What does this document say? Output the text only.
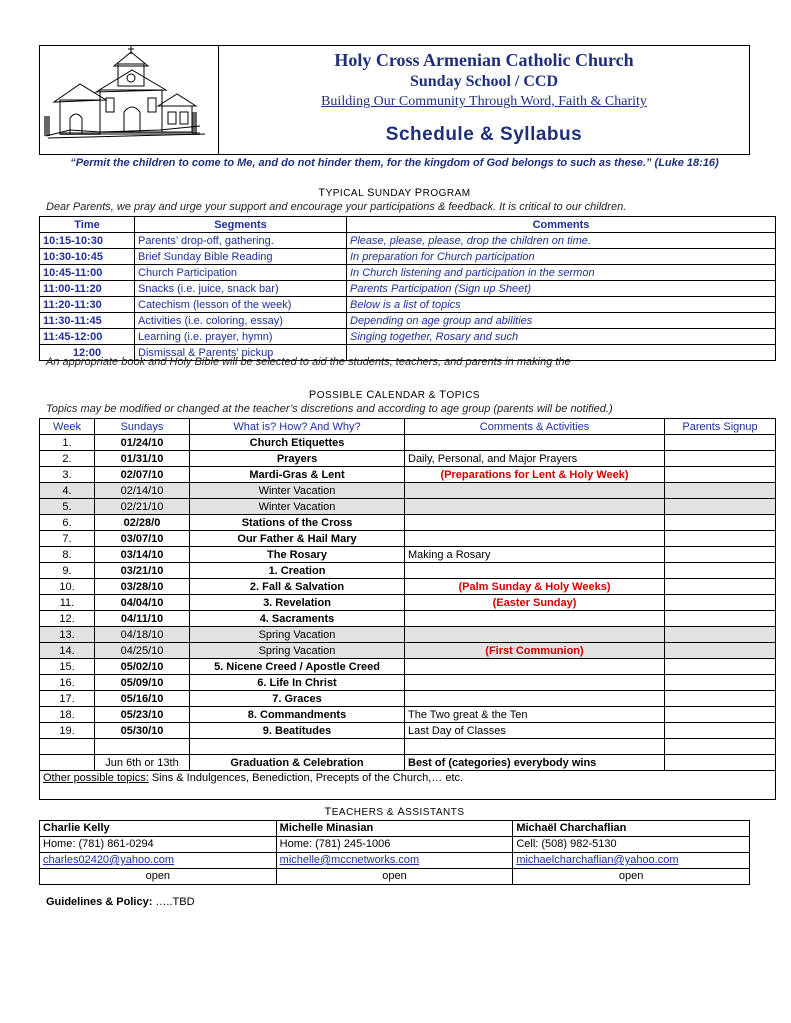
Holy Cross Armenian Catholic Church
Sunday School / CCD
Building Our Community Through Word, Faith & Charity
Schedule & Syllabus
“Permit the children to come to Me, and do not hinder them, for the kingdom of God belongs to such as these.” (Luke 18:16)
TYPICAL SUNDAY PROGRAM
Dear Parents, we pray and urge your support and encourage your participations & feedback. It is critical to our children.
Time	Segments	Comments
10:15-10:30	Parents’ drop-off, gathering.	Please, please, please, drop the children on time.
10:30-10:45	Brief Sunday Bible Reading	In preparation for Church participation
10:45-11:00	Church Participation	In Church listening and participation in the sermon
11:00-11:20	Snacks (i.e. juice, snack bar)	Parents Participation (Sign up Sheet)
11:20-11:30	Catechism (lesson of the week)	Below is a list of topics
11:30-11:45	Activities (i.e. coloring, essay)	Depending on age group and abilities
11:45-12:00	Learning (i.e. prayer, hymn)	Singing together, Rosary and such
12:00	Dismissal & Parents’ pickup	
An appropriate book and Holy Bible will be selected to aid the students, teachers, and parents in making the
POSSIBLE CALENDAR & TOPICS
Topics may be modified or changed at the teacher’s discretions and according to age group (parents will be notified.)
Week	Sundays	What is? How? And Why?	Comments & Activities	Parents Signup
1.	01/24/10	Church Etiquettes		
2.	01/31/10	Prayers	Daily, Personal, and Major Prayers	
3.	02/07/10	Mardi-Gras & Lent	(Preparations for Lent & Holy Week)	
4.	02/14/10	Winter Vacation		
5.	02/21/10	Winter Vacation		
6.	02/28/0	Stations of the Cross		
7.	03/07/10	Our Father & Hail Mary		
8.	03/14/10	The Rosary	Making a Rosary	
9.	03/21/10	1. Creation		
10.	03/28/10	2. Fall & Salvation	(Palm Sunday & Holy Weeks)	
11.	04/04/10	3. Revelation	(Easter Sunday)	
12.	04/11/10	4. Sacraments		
13.	04/18/10	Spring Vacation		
14.	04/25/10	Spring Vacation	(First Communion)	
15.	05/02/10	5. Nicene Creed / Apostle Creed		
16.	05/09/10	6. Life In Christ		
17.	05/16/10	7. Graces		
18.	05/23/10	8. Commandments	The Two great & the Ten	
19.	05/30/10	9. Beatitudes	Last Day of Classes	

	Jun 6th or 13th	Graduation & Celebration	Best of (categories) everybody wins	
Other possible topics: Sins & Indulgences, Benediction, Precepts of the Church,… etc.				
TEACHERS & ASSISTANTS
Charlie Kelly	Michelle Minasian	Michaël Charchaflian
Home: (781) 861-0294	Home: (781) 245-1006	Cell: (508) 982-5130
charles02420@yahoo.com	michelle@mccnetworks.com	michaelcharchaflian@yahoo.com
open	open	open
Guidelines & Policy: …..TBD
